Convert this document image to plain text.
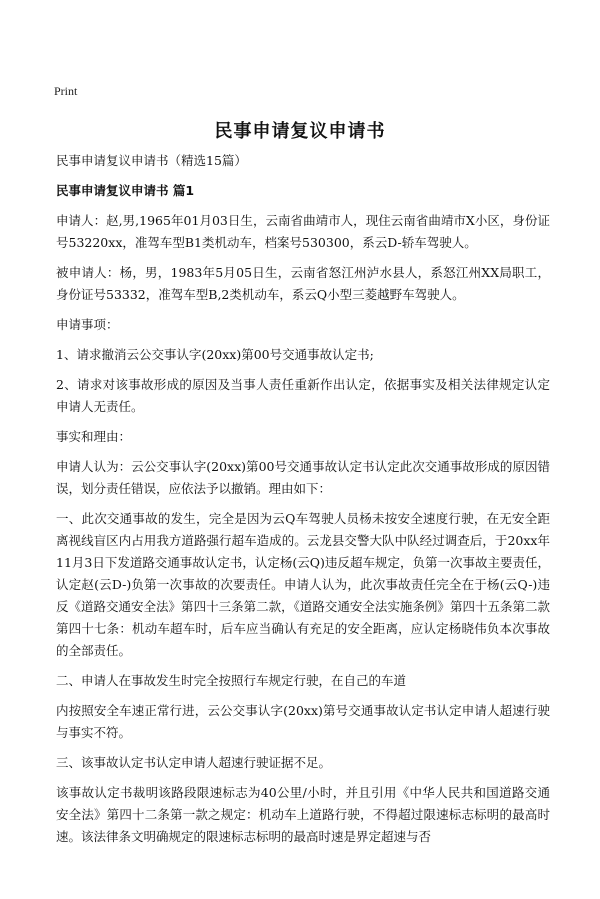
Print
民事申请复议申请书

民事申请复议申请书（精选15篇）

民事申请复议申请书 篇1

申请人：赵,男,1965年01月03日生，云南省曲靖市人，现住云南省曲靖市X小区，身份证号53220xx，准驾车型B1类机动车，档案号530300，系云D-轿车驾驶人。

被申请人：杨，男，1983年5月05日生，云南省怒江州泸水县人，系怒江州XX局职工，身份证号53332，准驾车型B,2类机动车，系云Q小型三菱越野车驾驶人。

申请事项：

1、请求撤消云公交事认字(20xx)第00号交通事故认定书;

2、请求对该事故形成的原因及当事人责任重新作出认定，依据事实及相关法律规定认定申请人无责任。

事实和理由：

申请人认为：云公交事认字(20xx)第00号交通事故认定书认定此次交通事故形成的原因错误，划分责任错误，应依法予以撤销。理由如下：

一、此次交通事故的发生，完全是因为云Q车驾驶人员杨未按安全速度行驶，在无安全距离视线盲区内占用我方道路强行超车造成的。云龙县交警大队中队经过调查后，于20xx年11月3日下发道路交通事故认定书，认定杨(云Q)违反超车规定，负第一次事故主要责任，认定赵(云D-)负第一次事故的次要责任。申请人认为，此次事故责任完全在于杨(云Q-)违反《道路交通安全法》第四十三条第二款，《道路交通安全法实施条例》第四十五条第二款第四十七条：机动车超车时，后车应当确认有充足的安全距离，应认定杨晓伟负本次事故的全部责任。

二、申请人在事故发生时完全按照行车规定行驶，在自己的车道

内按照安全车速正常行进，云公交事认字(20xx)第号交通事故认定书认定申请人超速行驶与事实不符。

三、该事故认定书认定申请人超速行驶证据不足。

该事故认定书裁明该路段限速标志为40公里/小时，并且引用《中华人民共和国道路交通安全法》第四十二条第一款之规定：机动车上道路行驶，不得超过限速标志标明的最高时速。该法律条文明确规定的限速标志标明的最高时速是界定超速与否
